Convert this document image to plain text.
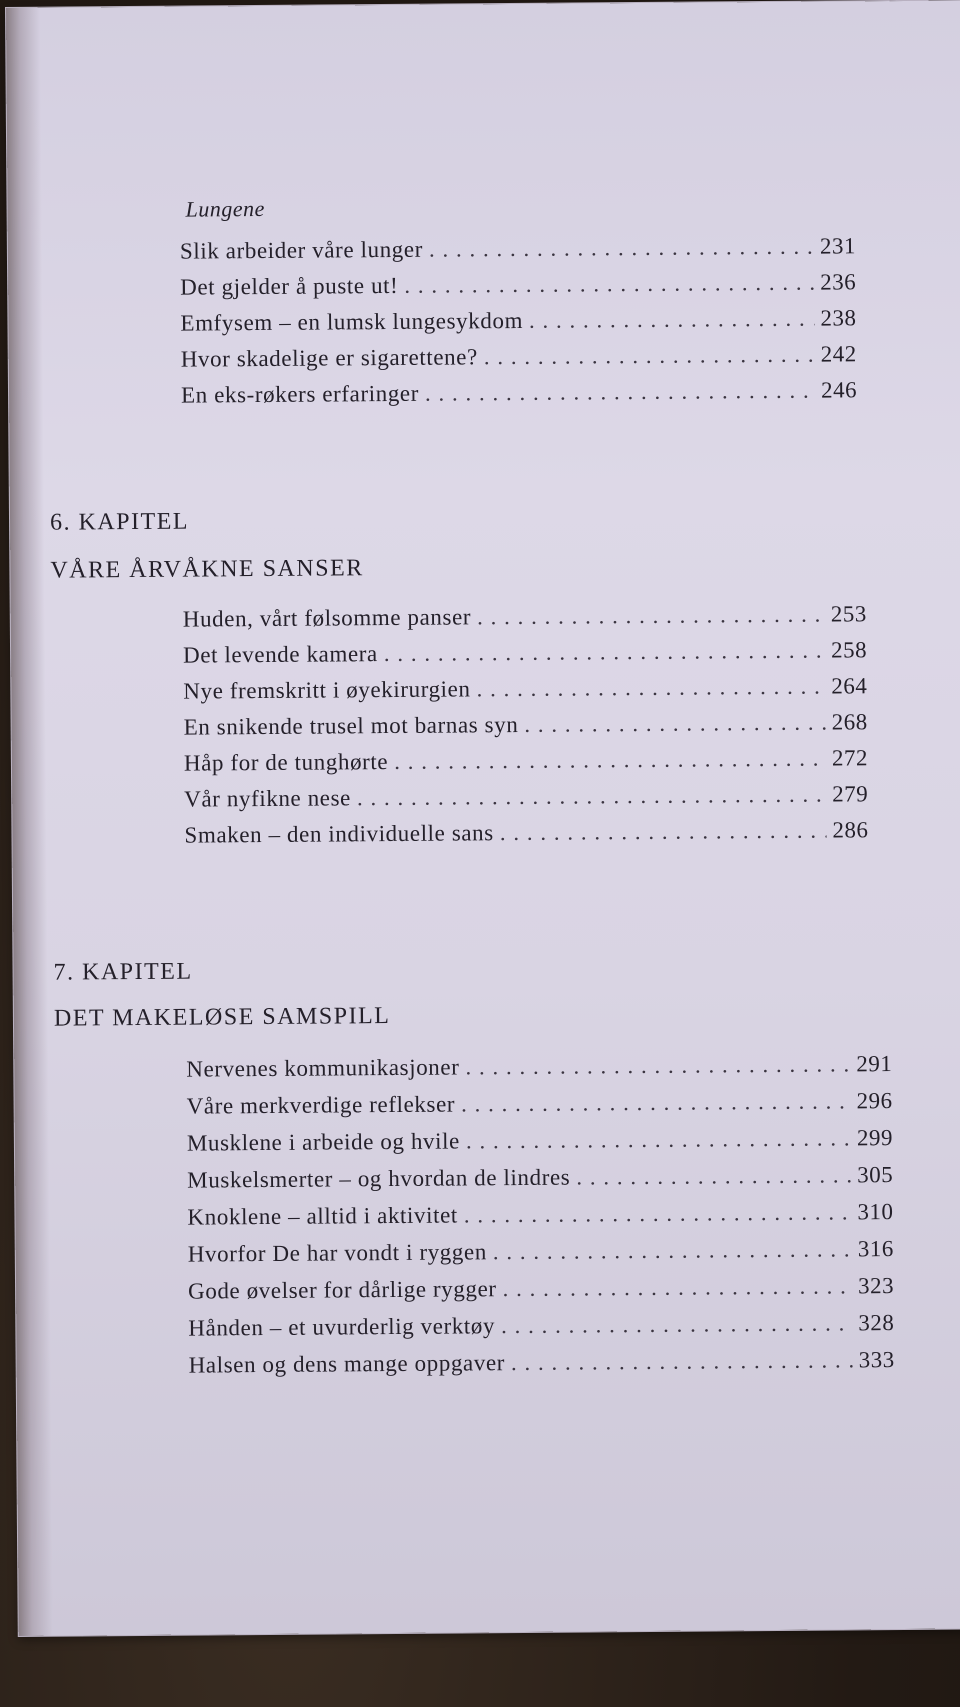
Lungene
Slik arbeider våre lunger . . .	231
Det gjelder å puste ut! . . .	236
Emfysem – en lumsk lungesykdom . . .	238
Hvor skadelige er sigarettene? . . .	242
En eks-røkers erfaringer . . .	246
6. KAPITEL
VÅRE ÅRVÅKNE SANSER
Huden, vårt følsomme panser . . .	253
Det levende kamera . . .	258
Nye fremskritt i øyekirurgien . . .	264
En snikende trusel mot barnas syn . . .	268
Håp for de tunghørte . . .	272
Vår nyfikne nese . . .	279
Smaken – den individuelle sans . . .	286
7. KAPITEL
DET MAKELØSE SAMSPILL
Nervenes kommunikasjoner . . .	291
Våre merkverdige reflekser . . .	296
Musklene i arbeide og hvile . . .	299
Muskelsmerter – og hvordan de lindres . . .	305
Knoklene – alltid i aktivitet . . .	310
Hvorfor De har vondt i ryggen . . .	316
Gode øvelser for dårlige rygger . . .	323
Hånden – et uvurderlig verktøy . . .	328
Halsen og dens mange oppgaver . . .	333
